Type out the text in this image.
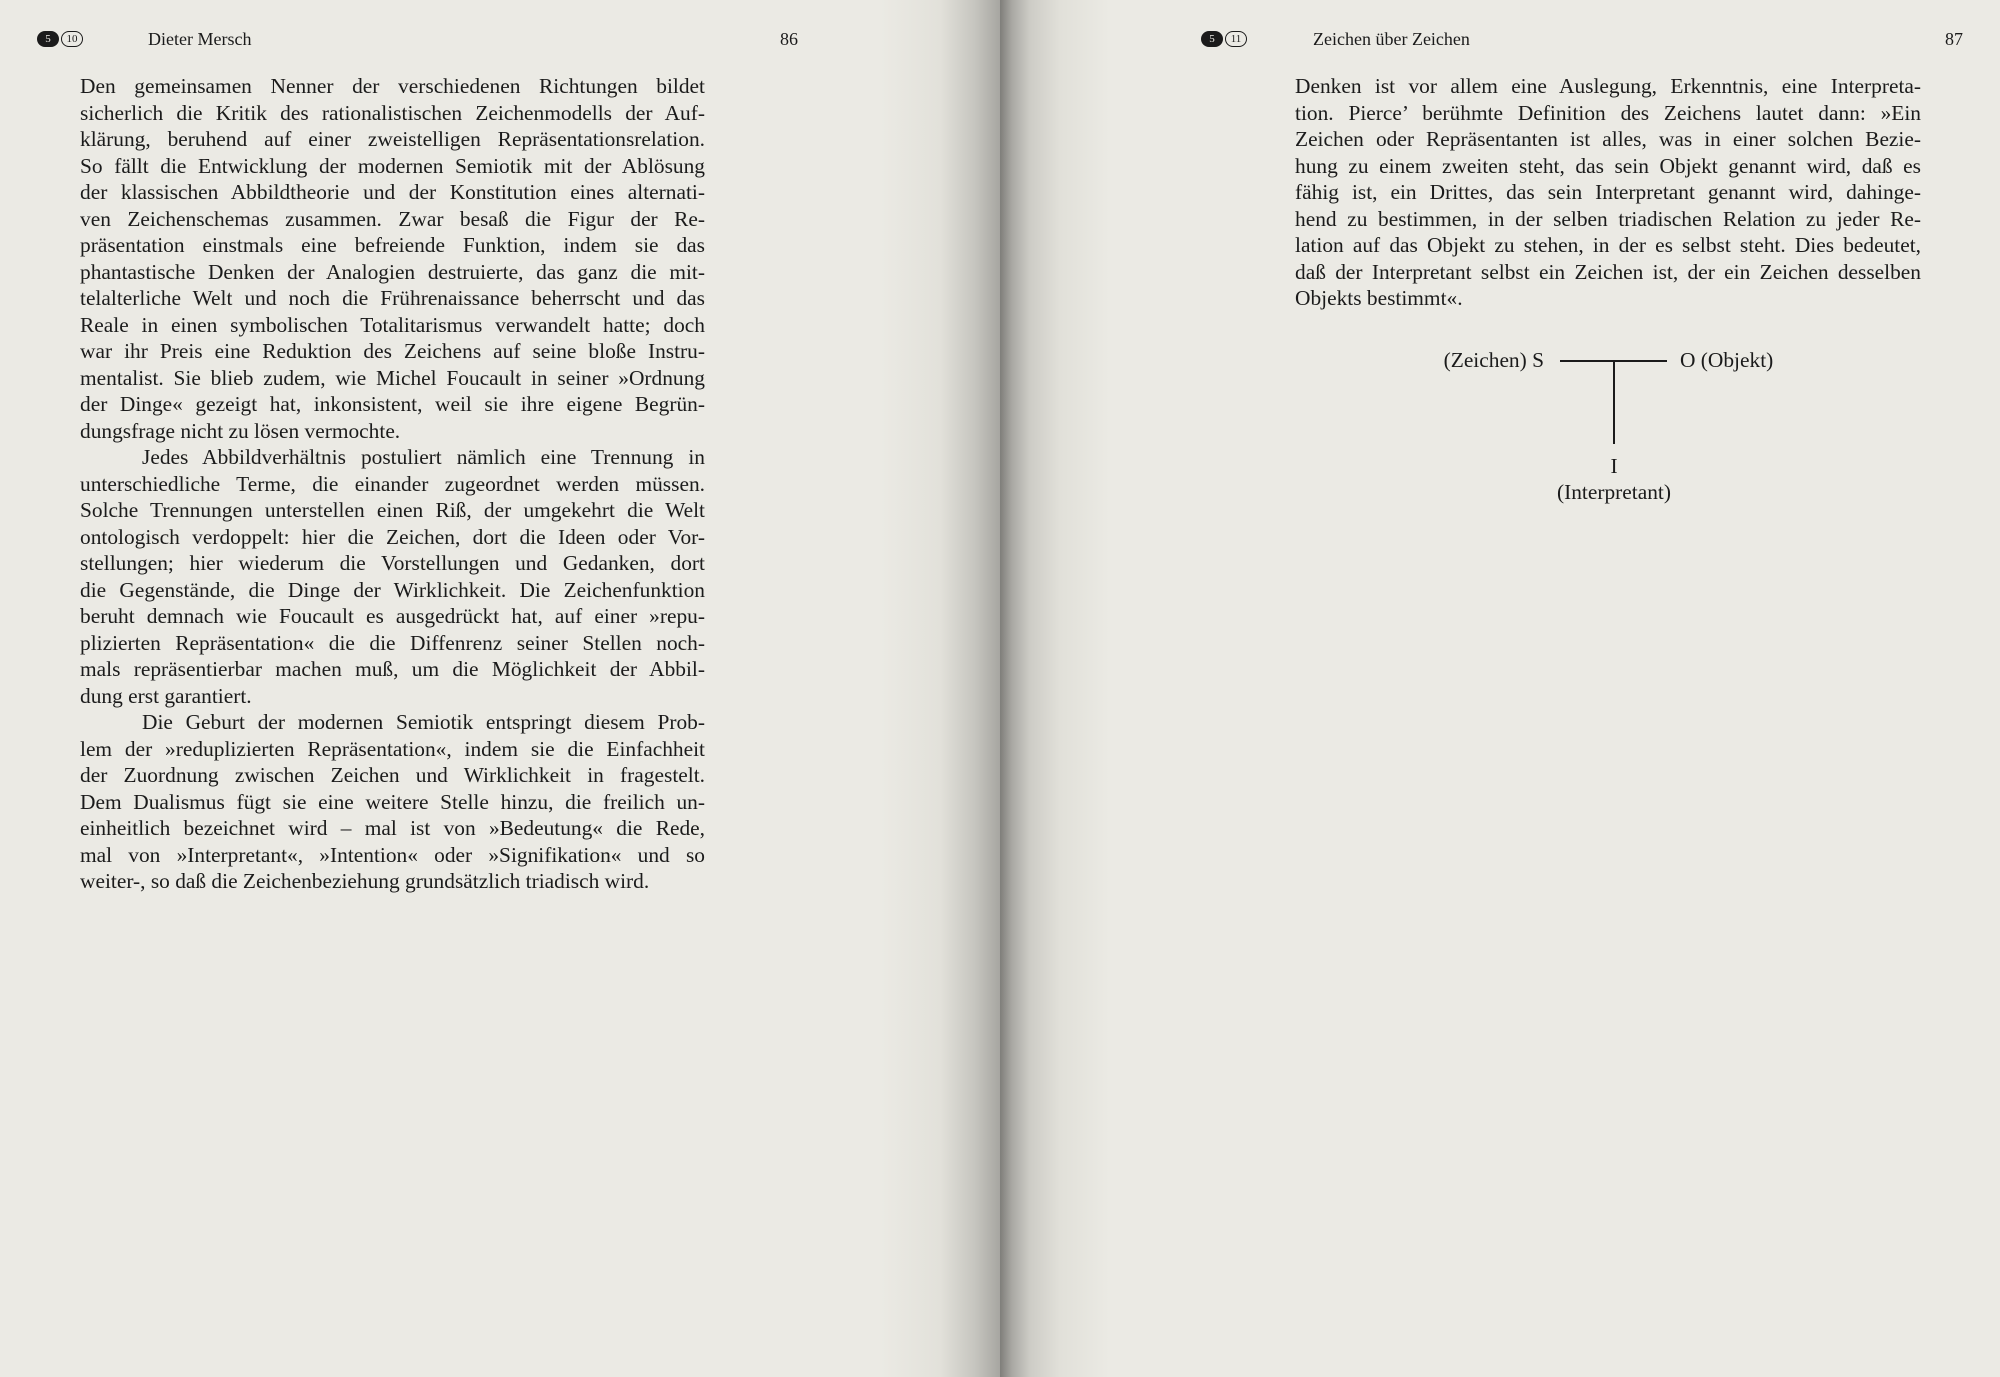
5	10	Dieter Mersch	86
Den gemeinsamen Nenner der verschiedenen Richtungen bildet
sicherlich die Kritik des rationalistischen Zeichenmodells der Auf-
klärung, beruhend auf einer zweistelligen Repräsentationsrelation.
So fällt die Entwicklung der modernen Semiotik mit der Ablösung
der klassischen Abbildtheorie und der Konstitution eines alternati-
ven Zeichenschemas zusammen. Zwar besaß die Figur der Re-
präsentation einstmals eine befreiende Funktion, indem sie das
phantastische Denken der Analogien destruierte, das ganz die mit-
telalterliche Welt und noch die Frührenaissance beherrscht und das
Reale in einen symbolischen Totalitarismus verwandelt hatte; doch
war ihr Preis eine Reduktion des Zeichens auf seine bloße Instru-
mentalist. Sie blieb zudem, wie Michel Foucault in seiner »Ordnung
der Dinge« gezeigt hat, inkonsistent, weil sie ihre eigene Begrün-
dungsfrage nicht zu lösen vermochte.
Jedes Abbildverhältnis postuliert nämlich eine Trennung in
unterschiedliche Terme, die einander zugeordnet werden müssen.
Solche Trennungen unterstellen einen Riß, der umgekehrt die Welt
ontologisch verdoppelt: hier die Zeichen, dort die Ideen oder Vor-
stellungen; hier wiederum die Vorstellungen und Gedanken, dort
die Gegenstände, die Dinge der Wirklichkeit. Die Zeichenfunktion
beruht demnach wie Foucault es ausgedrückt hat, auf einer »repu-
plizierten Repräsentation« die die Diffenrenz seiner Stellen noch-
mals repräsentierbar machen muß, um die Möglichkeit der Abbil-
dung erst garantiert.
Die Geburt der modernen Semiotik entspringt diesem Prob-
lem der »reduplizierten Repräsentation«, indem sie die Einfachheit
der Zuordnung zwischen Zeichen und Wirklichkeit in fragestelt.
Dem Dualismus fügt sie eine weitere Stelle hinzu, die freilich un-
einheitlich bezeichnet wird – mal ist von »Bedeutung« die Rede,
mal von »Interpretant«, »Intention« oder »Signifikation« und so
weiter-, so daß die Zeichenbeziehung grundsätzlich triadisch wird.
5	11	Zeichen über Zeichen	87
Denken ist vor allem eine Auslegung, Erkenntnis, eine Interpreta-
tion. Pierce’ berühmte Definition des Zeichens lautet dann: »Ein
Zeichen oder Repräsentanten ist alles, was in einer solchen Bezie-
hung zu einem zweiten steht, das sein Objekt genannt wird, daß es
fähig ist, ein Drittes, das sein Interpretant genannt wird, dahinge-
hend zu bestimmen, in der selben triadischen Relation zu jeder Re-
lation auf das Objekt zu stehen, in der es selbst steht. Dies bedeutet,
daß der Interpretant selbst ein Zeichen ist, der ein Zeichen desselben
Objekts bestimmt«.
(Zeichen) S	O (Objekt)
I
(Interpretant)
